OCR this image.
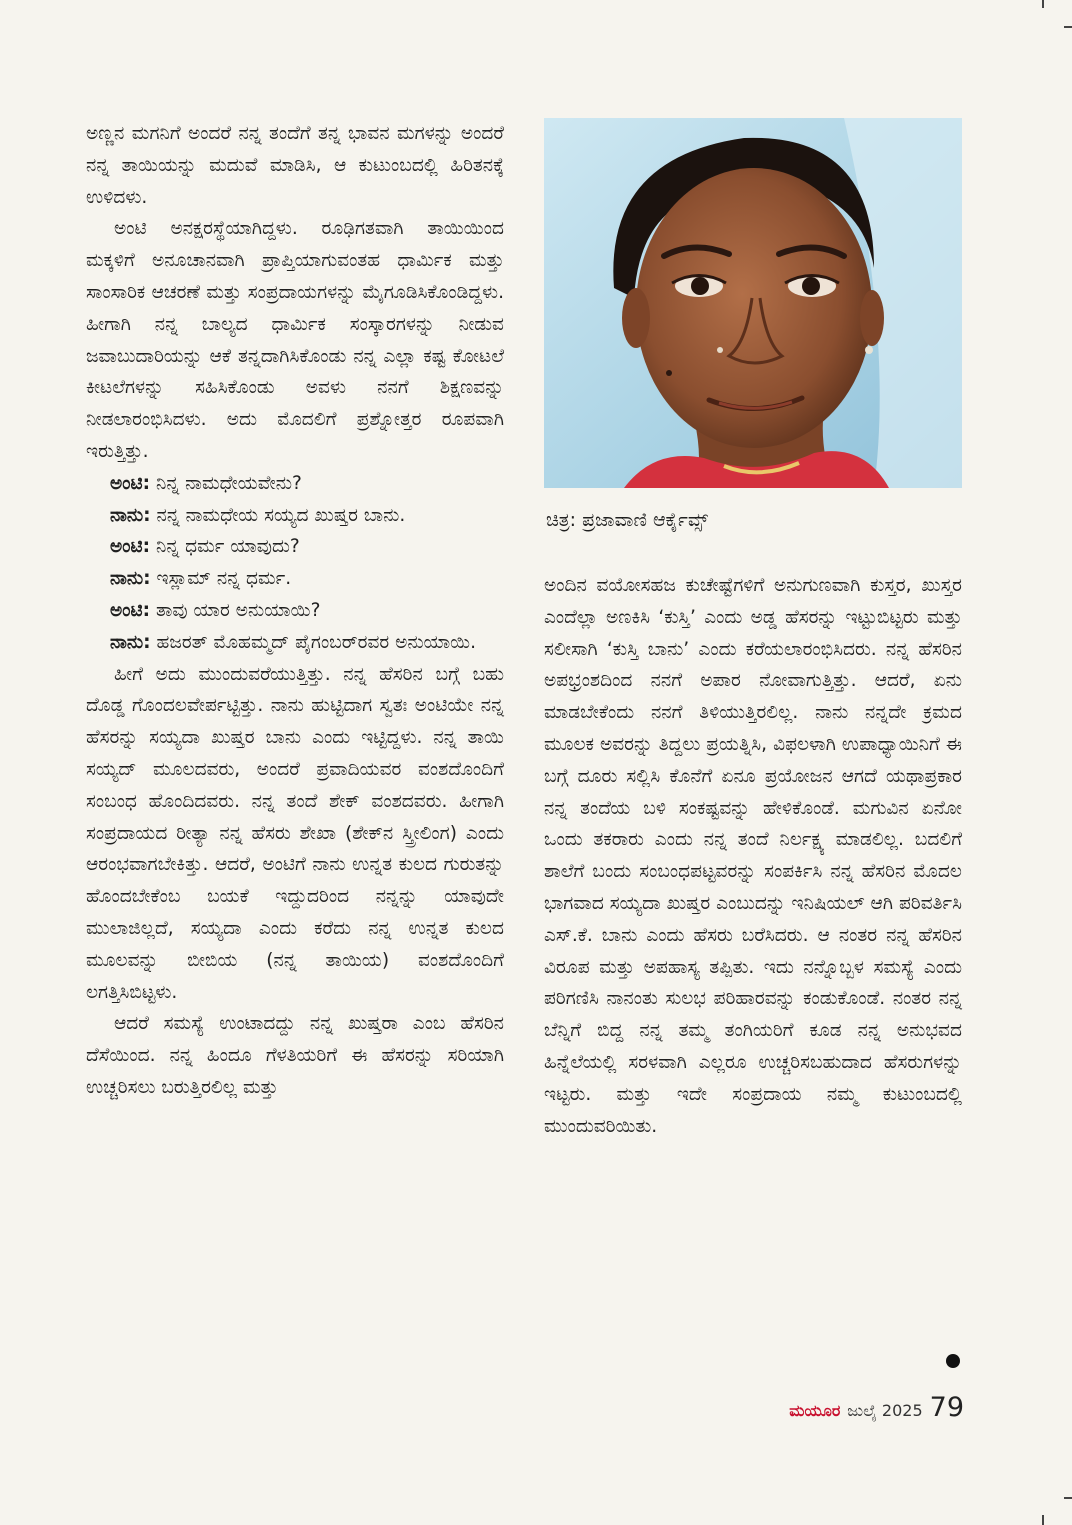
ಅಣ್ಣನ ಮಗನಿಗೆ ಅಂದರೆ ನನ್ನ ತಂದೆಗೆ ತನ್ನ ಭಾವನ ಮಗಳನ್ನು ಅಂದರೆ ನನ್ನ ತಾಯಿಯನ್ನು ಮದುವೆ ಮಾಡಿಸಿ, ಆ ಕುಟುಂಬದಲ್ಲಿ ಹಿರಿತನಕ್ಕೆ ಉಳಿದಳು.

ಅಂಟಿ ಅನಕ್ಷರಸ್ಥೆಯಾಗಿದ್ದಳು. ರೂಢಿಗತವಾಗಿ ತಾಯಿಯಿಂದ ಮಕ್ಕಳಿಗೆ ಅನೂಚಾನವಾಗಿ ಪ್ರಾಪ್ತಿಯಾಗುವಂತಹ ಧಾರ್ಮಿಕ ಮತ್ತು ಸಾಂಸಾರಿಕ ಆಚರಣೆ ಮತ್ತು ಸಂಪ್ರದಾಯಗಳನ್ನು ಮೈಗೂಡಿಸಿಕೊಂಡಿದ್ದಳು. ಹೀಗಾಗಿ ನನ್ನ ಬಾಲ್ಯದ ಧಾರ್ಮಿಕ ಸಂಸ್ಕಾರಗಳನ್ನು ನೀಡುವ ಜವಾಬುದಾರಿಯನ್ನು ಆಕೆ ತನ್ನದಾಗಿಸಿಕೊಂಡು ನನ್ನ ಎಲ್ಲಾ ಕಷ್ಟ ಕೋಟಲೆ ಕೀಟಲೆಗಳನ್ನು ಸಹಿಸಿಕೊಂಡು ಅವಳು ನನಗೆ ಶಿಕ್ಷಣವನ್ನು ನೀಡಲಾರಂಭಿಸಿದಳು. ಅದು ಮೊದಲಿಗೆ ಪ್ರಶ್ನೋತ್ತರ ರೂಪವಾಗಿ ಇರುತ್ತಿತ್ತು.

ಅಂಟಿ: ನಿನ್ನ ನಾಮಧೇಯವೇನು?

ನಾನು: ನನ್ನ ನಾಮಧೇಯ ಸಯ್ಯದ ಖುಷ್ತರ ಬಾನು.

ಅಂಟಿ: ನಿನ್ನ ಧರ್ಮ ಯಾವುದು?

ನಾನು: ಇಸ್ಲಾಮ್ ನನ್ನ ಧರ್ಮ.

ಅಂಟಿ: ತಾವು ಯಾರ ಅನುಯಾಯಿ?

ನಾನು: ಹಜರತ್ ಮೊಹಮ್ಮದ್ ಪೈಗಂಬರ್‌ರವರ ಅನುಯಾಯಿ.

ಹೀಗೆ ಅದು ಮುಂದುವರೆಯುತ್ತಿತ್ತು. ನನ್ನ ಹೆಸರಿನ ಬಗ್ಗೆ ಬಹು ದೊಡ್ಡ ಗೊಂದಲವೇರ್ಪಟ್ಟಿತ್ತು. ನಾನು ಹುಟ್ಟಿದಾಗ ಸ್ವತಃ ಅಂಟಿಯೇ ನನ್ನ ಹೆಸರನ್ನು ಸಯ್ಯದಾ ಖುಷ್ತರ ಬಾನು ಎಂದು ಇಟ್ಟಿದ್ದಳು. ನನ್ನ ತಾಯಿ ಸಯ್ಯದ್ ಮೂಲದವರು, ಅಂದರೆ ಪ್ರವಾದಿಯವರ ವಂಶದೊಂದಿಗೆ ಸಂಬಂಧ ಹೊಂದಿದವರು. ನನ್ನ ತಂದೆ ಶೇಕ್ ವಂಶದವರು. ಹೀಗಾಗಿ ಸಂಪ್ರದಾಯದ ರೀತ್ಯಾ ನನ್ನ ಹೆಸರು ಶೇಖಾ (ಶೇಕ್‌ನ ಸ್ತ್ರೀಲಿಂಗ) ಎಂದು ಆರಂಭವಾಗಬೇಕಿತ್ತು. ಆದರೆ, ಅಂಟಿಗೆ ನಾನು ಉನ್ನತ ಕುಲದ ಗುರುತನ್ನು ಹೊಂದಬೇಕೆಂಬ ಬಯಕೆ ಇದ್ದುದರಿಂದ ನನ್ನನ್ನು ಯಾವುದೇ ಮುಲಾಜಿಲ್ಲದೆ, ಸಯ್ಯದಾ ಎಂದು ಕರೆದು ನನ್ನ ಉನ್ನತ ಕುಲದ ಮೂಲವನ್ನು ಬೀಬಿಯ (ನನ್ನ ತಾಯಿಯ) ವಂಶದೊಂದಿಗೆ ಲಗತ್ತಿಸಿಬಿಟ್ಟಳು.

ಆದರೆ ಸಮಸ್ಯೆ ಉಂಟಾದದ್ದು ನನ್ನ ಖುಷ್ತರಾ ಎಂಬ ಹೆಸರಿನ ದೆಸೆಯಿಂದ. ನನ್ನ ಹಿಂದೂ ಗೆಳತಿಯರಿಗೆ ಈ ಹೆಸರನ್ನು ಸರಿಯಾಗಿ ಉಚ್ಚರಿಸಲು ಬರುತ್ತಿರಲಿಲ್ಲ ಮತ್ತು

ಚಿತ್ರ: ಪ್ರಜಾವಾಣಿ ಆರ್ಕೈವ್ಸ್

ಅಂದಿನ ವಯೋಸಹಜ ಕುಚೇಷ್ಟೆಗಳಿಗೆ ಅನುಗುಣವಾಗಿ ಕುಸ್ತರ, ಖುಸ್ತರ ಎಂದೆಲ್ಲಾ ಅಣಕಿಸಿ ‘ಕುಸ್ತಿ’ ಎಂದು ಅಡ್ಡ ಹೆಸರನ್ನು ಇಟ್ಟುಬಿಟ್ಟರು ಮತ್ತು ಸಲೀಸಾಗಿ ‘ಕುಸ್ತಿ ಬಾನು’ ಎಂದು ಕರೆಯಲಾರಂಭಿಸಿದರು. ನನ್ನ ಹೆಸರಿನ ಅಪಭ್ರಂಶದಿಂದ ನನಗೆ ಅಪಾರ ನೋವಾಗುತ್ತಿತ್ತು. ಆದರೆ, ಏನು ಮಾಡಬೇಕೆಂದು ನನಗೆ ತಿಳಿಯುತ್ತಿರಲಿಲ್ಲ. ನಾನು ನನ್ನದೇ ಕ್ರಮದ ಮೂಲಕ ಅವರನ್ನು ತಿದ್ದಲು ಪ್ರಯತ್ನಿಸಿ, ವಿಫಲಳಾಗಿ ಉಪಾಧ್ಯಾಯಿನಿಗೆ ಈ ಬಗ್ಗೆ ದೂರು ಸಲ್ಲಿಸಿ ಕೊನೆಗೆ ಏನೂ ಪ್ರಯೋಜನ ಆಗದೆ ಯಥಾಪ್ರಕಾರ ನನ್ನ ತಂದೆಯ ಬಳಿ ಸಂಕಷ್ಟವನ್ನು ಹೇಳಿಕೊಂಡೆ. ಮಗುವಿನ ಏನೋ ಒಂದು ತಕರಾರು ಎಂದು ನನ್ನ ತಂದೆ ನಿರ್ಲಕ್ಷ್ಯ ಮಾಡಲಿಲ್ಲ. ಬದಲಿಗೆ ಶಾಲೆಗೆ ಬಂದು ಸಂಬಂಧಪಟ್ಟವರನ್ನು ಸಂಪರ್ಕಿಸಿ ನನ್ನ ಹೆಸರಿನ ಮೊದಲ ಭಾಗವಾದ ಸಯ್ಯದಾ ಖುಷ್ತರ ಎಂಬುದನ್ನು ಇನಿಷಿಯಲ್ ಆಗಿ ಪರಿವರ್ತಿಸಿ ಎಸ್.ಕೆ. ಬಾನು ಎಂದು ಹೆಸರು ಬರೆಸಿದರು. ಆ ನಂತರ ನನ್ನ ಹೆಸರಿನ ವಿರೂಪ ಮತ್ತು ಅಪಹಾಸ್ಯ ತಪ್ಪಿತು. ಇದು ನನ್ನೊಬ್ಬಳ ಸಮಸ್ಯೆ ಎಂದು ಪರಿಗಣಿಸಿ ನಾನಂತು ಸುಲಭ ಪರಿಹಾರವನ್ನು ಕಂಡುಕೊಂಡೆ. ನಂತರ ನನ್ನ ಬೆನ್ನಿಗೆ ಬಿದ್ದ ನನ್ನ ತಮ್ಮ ತಂಗಿಯರಿಗೆ ಕೂಡ ನನ್ನ ಅನುಭವದ ಹಿನ್ನೆಲೆಯಲ್ಲಿ ಸರಳವಾಗಿ ಎಲ್ಲರೂ ಉಚ್ಚರಿಸಬಹುದಾದ ಹೆಸರುಗಳನ್ನು ಇಟ್ಟರು. ಮತ್ತು ಇದೇ ಸಂಪ್ರದಾಯ ನಮ್ಮ ಕುಟುಂಬದಲ್ಲಿ ಮುಂದುವರಿಯಿತು.

ಮಯೂರ ಜುಲೈ 2025 79
